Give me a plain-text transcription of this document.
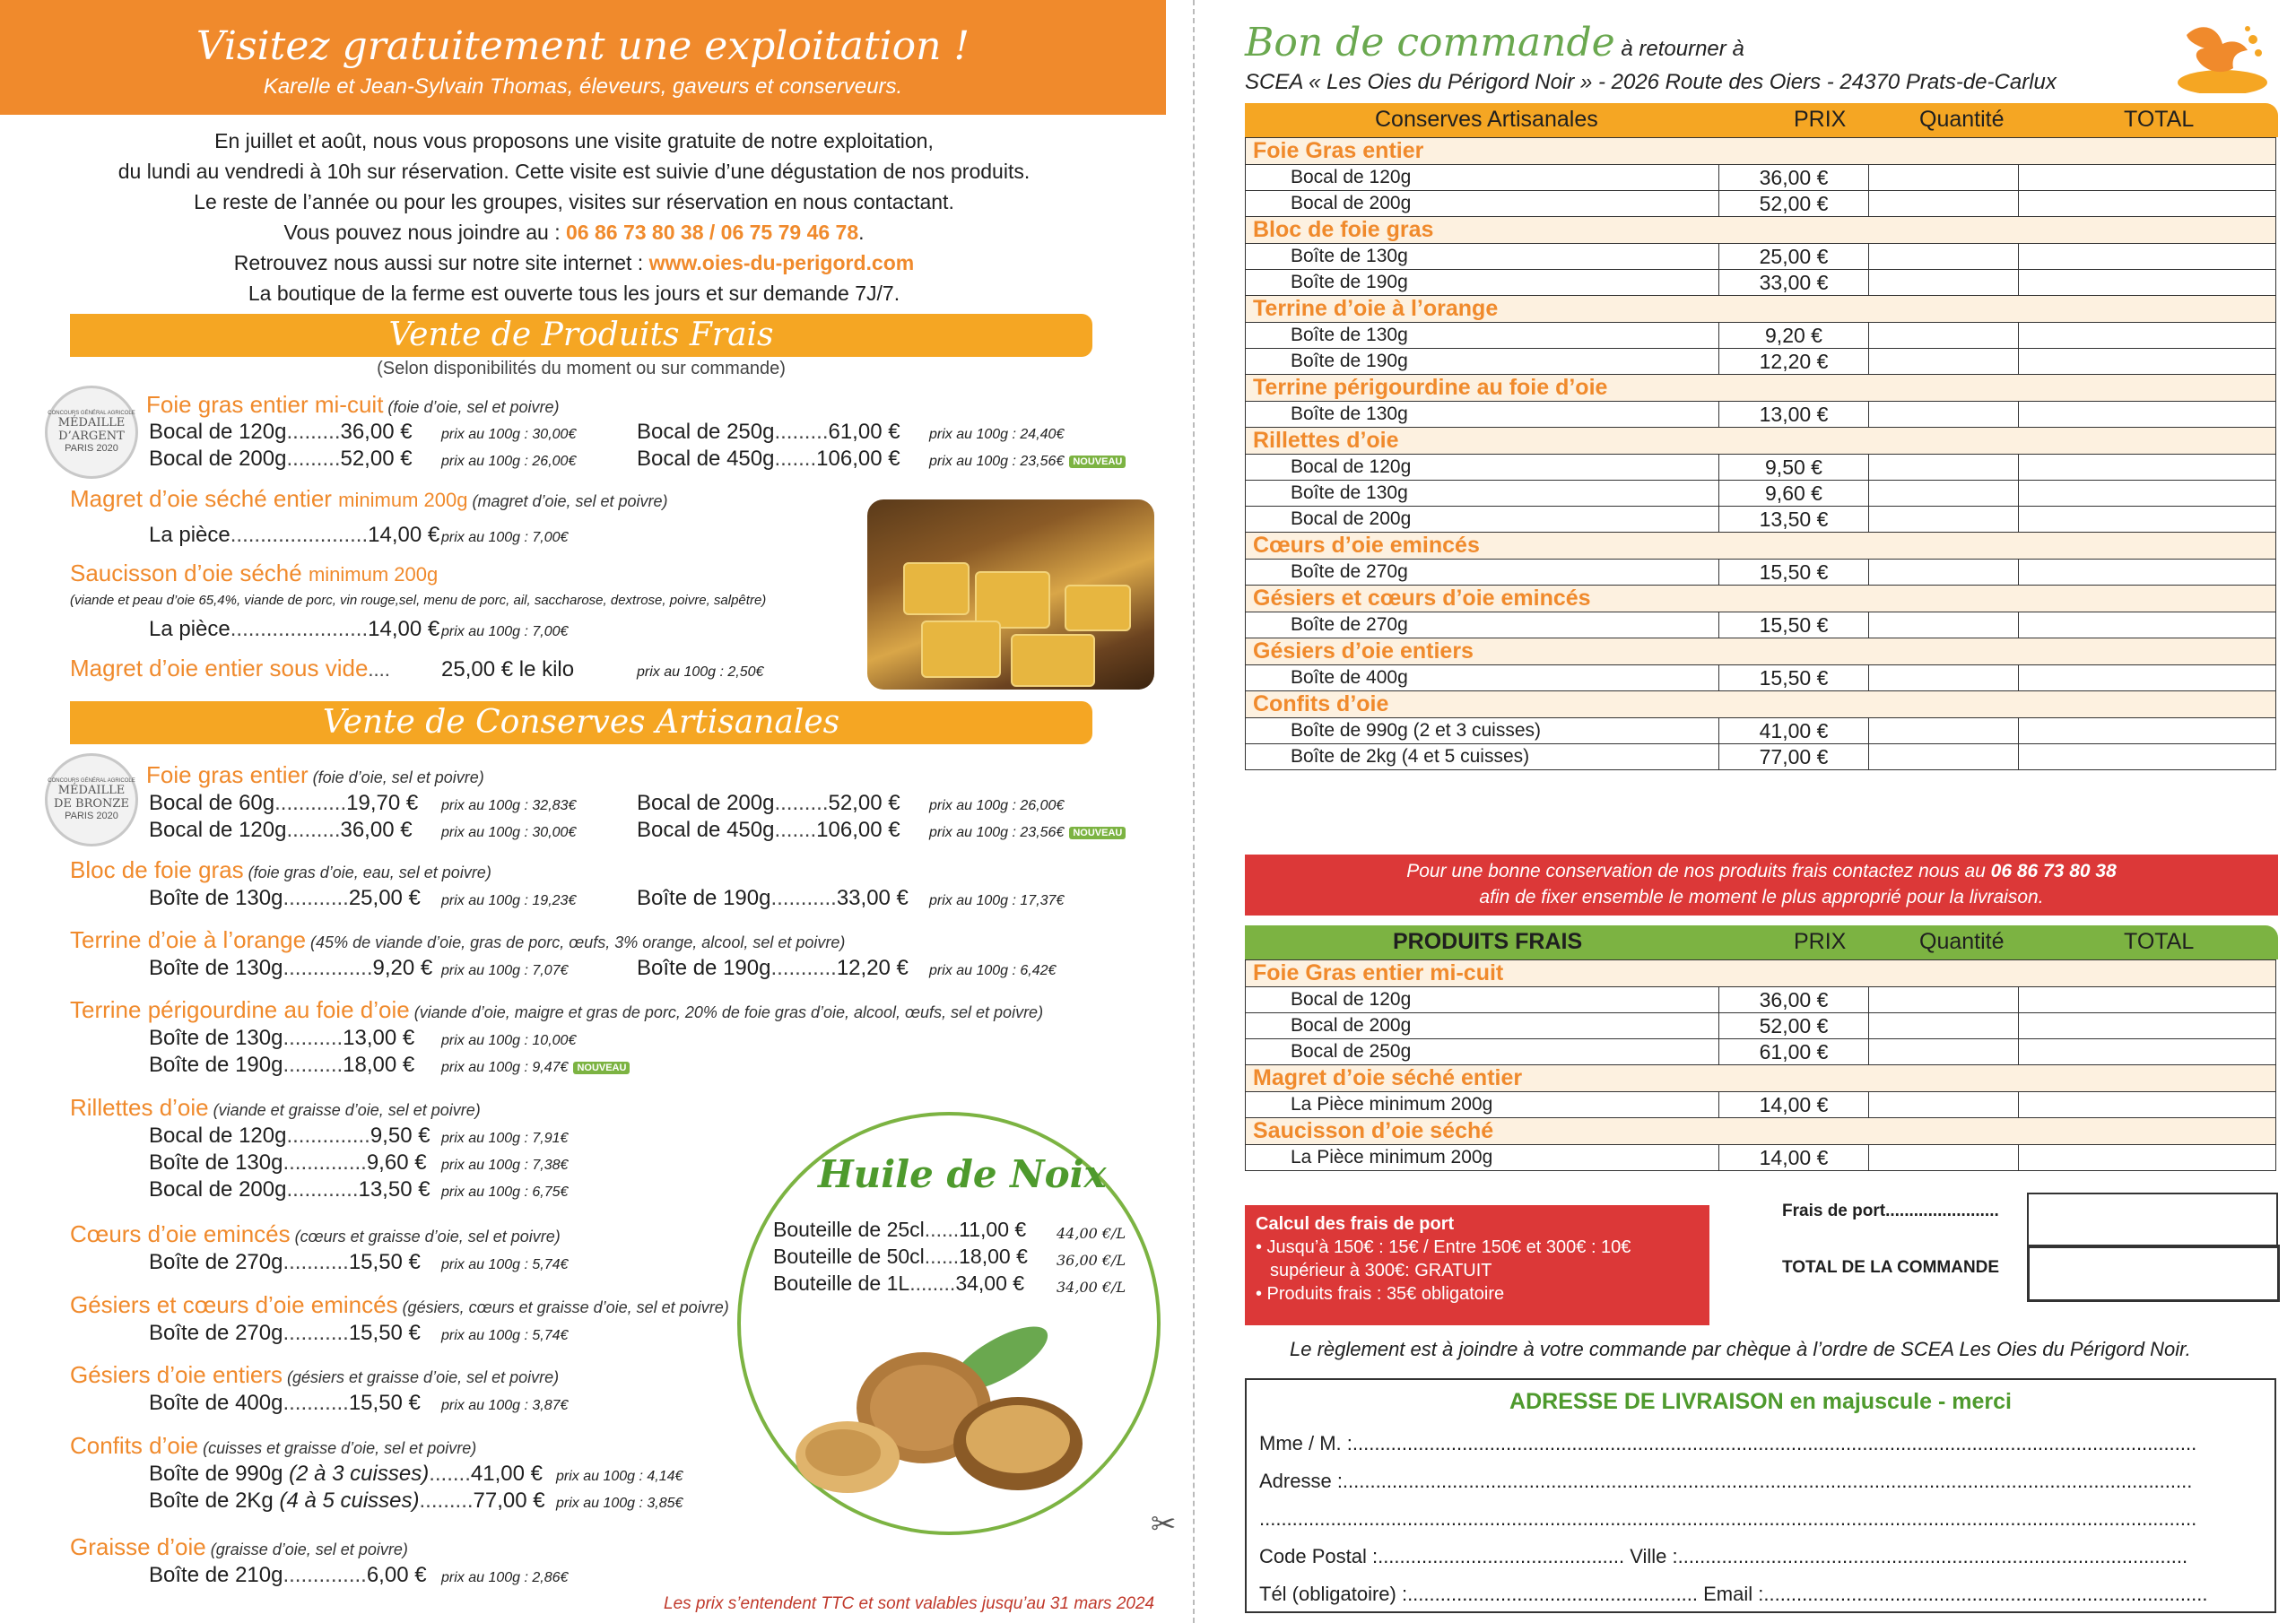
Visitez gratuitement une exploitation !
Karelle et Jean-Sylvain Thomas, éleveurs, gaveurs et conserveurs.
En juillet et août, nous vous proposons une visite gratuite de notre exploitation,
du lundi au vendredi à 10h sur réservation. Cette visite est suivie d’une dégustation de nos produits.
Le reste de l’année ou pour les groupes, visites sur réservation en nous contactant.
Vous pouvez nous joindre au : 06 86 73 80 38 / 06 75 79 46 78.
Retrouvez nous aussi sur notre site internet : www.oies-du-perigord.com
La boutique de la ferme est ouverte tous les jours et sur demande 7J/7.
Vente de Produits Frais
(Selon disponibilités du moment ou sur commande)
CONCOURS GÉNÉRAL AGRICOLE
MÉDAILLE
D’ARGENT
PARIS 2020
Foie gras entier mi-cuit (foie d’oie, sel et poivre)
Bocal de 120g.........36,00 € prix au 100g : 30,00€
Bocal de 200g.........52,00 € prix au 100g : 26,00€
Bocal de 250g.........61,00 € prix au 100g : 24,40€
Bocal de 450g.......106,00 € prix au 100g : 23,56€ NOUVEAU
Magret d’oie séché entier minimum 200g (magret d’oie, sel et poivre)
La pièce.......................14,00 € prix au 100g : 7,00€
Saucisson d’oie séché minimum 200g
(viande et peau d’oie 65,4%, viande de porc, vin rouge,sel, menu de porc, ail, saccharose, dextrose, poivre, salpêtre)
La pièce.......................14,00 € prix au 100g : 7,00€
Magret d’oie entier sous vide.... 25,00 € le kilo	prix au 100g : 2,50€
Vente de Conserves Artisanales
CONCOURS GÉNÉRAL AGRICOLE
MÉDAILLE
DE BRONZE
PARIS 2020
Foie gras entier (foie d’oie, sel et poivre)
Bocal de 60g............19,70 € prix au 100g : 32,83€
Bocal de 120g.........36,00 € prix au 100g : 30,00€
Bocal de 200g.........52,00 € prix au 100g : 26,00€
Bocal de 450g.......106,00 € prix au 100g : 23,56€ NOUVEAU
Bloc de foie gras (foie gras d’oie, eau, sel et poivre)
Boîte de 130g...........25,00 € prix au 100g : 19,23€	Boîte de 190g...........33,00 € prix au 100g : 17,37€
Terrine d’oie à l’orange (45% de viande d’oie, gras de porc, œufs, 3% orange, alcool, sel et poivre)
Boîte de 130g...............9,20 € prix au 100g : 7,07€	Boîte de 190g...........12,20 € prix au 100g : 6,42€
Terrine périgourdine au foie d’oie (viande d’oie, maigre et gras de porc, 20% de foie gras d’oie, alcool, œufs, sel et poivre)
Boîte de 130g..........13,00 € prix au 100g : 10,00€
Boîte de 190g..........18,00 € prix au 100g : 9,47€ NOUVEAU
Rillettes d’oie (viande et graisse d’oie, sel et poivre)
Bocal de 120g..............9,50 € prix au 100g : 7,91€
Boîte de 130g..............9,60 € prix au 100g : 7,38€
Bocal de 200g............13,50 € prix au 100g : 6,75€
Cœurs d’oie emincés (cœurs et graisse d’oie, sel et poivre)
Boîte de 270g...........15,50 € prix au 100g : 5,74€
Gésiers et cœurs d’oie emincés (gésiers, cœurs et graisse d’oie, sel et poivre)
Boîte de 270g...........15,50 € prix au 100g : 5,74€
Gésiers d’oie entiers (gésiers et graisse d’oie, sel et poivre)
Boîte de 400g...........15,50 € prix au 100g : 3,87€
Confits d’oie (cuisses et graisse d’oie, sel et poivre)
Boîte de 990g (2 à 3 cuisses).......41,00 € prix au 100g : 4,14€
Boîte de 2Kg (4 à 5 cuisses).........77,00 € prix au 100g : 3,85€
Graisse d’oie (graisse d’oie, sel et poivre)
Boîte de 210g..............6,00 € prix au 100g : 2,86€
Huile de Noix
Bouteille de 25cl......11,00 € 44,00 €/L
Bouteille de 50cl......18,00 € 36,00 €/L
Bouteille de 1L........34,00 € 34,00 €/L
Les prix s’entendent TTC et sont valables jusqu’au 31 mars 2024
✂
Bon de commande à retourner à
SCEA « Les Oies du Périgord Noir » - 2026 Route des Oiers - 24370 Prats-de-Carlux
Conserves Artisanales	PRIX	Quantité	TOTAL
Foie Gras entier			
Bocal de 120g	36,00 €		
Bocal de 200g	52,00 €		
Bloc de foie gras			
Boîte de 130g	25,00 €		
Boîte de 190g	33,00 €		
Terrine d’oie à l’orange			
Boîte de 130g	9,20 €		
Boîte de 190g	12,20 €		
Terrine périgourdine au foie d’oie			
Boîte de 130g	13,00 €		
Rillettes d’oie			
Bocal de 120g	9,50 €		
Boîte de 130g	9,60 €		
Bocal de 200g	13,50 €		
Cœurs d’oie emincés			
Boîte de 270g	15,50 €		
Gésiers et cœurs d’oie emincés			
Boîte de 270g	15,50 €		
Gésiers d’oie entiers			
Boîte de 400g	15,50 €		
Confits d’oie			
Boîte de 990g (2 et 3 cuisses)	41,00 €		
Boîte de 2kg (4 et 5 cuisses)	77,00 €		
Pour une bonne conservation de nos produits frais contactez nous au 06 86 73 80 38
afin de fixer ensemble le moment le plus approprié pour la livraison.
PRODUITS FRAIS	PRIX	Quantité	TOTAL
Foie Gras entier mi-cuit			
Bocal de 120g	36,00 €		
Bocal de 200g	52,00 €		
Bocal de 250g	61,00 €		
Magret d’oie séché entier			
La Pièce minimum 200g	14,00 €		
Saucisson d’oie séché			
La Pièce minimum 200g	14,00 €		
Calcul des frais de port
• Jusqu’à 150€ : 15€ / Entre 150€ et 300€ : 10€
supérieur à 300€: GRATUIT
• Produits frais : 35€ obligatoire
Frais de port........................
TOTAL DE LA COMMANDE
Le règlement est à joindre à votre commande par chèque à l’ordre de SCEA Les Oies du Périgord Noir.
ADRESSE DE LIVRAISON en majuscule - merci
Mme / M. :..........................................................................................................................................................
Adresse :...........................................................................................................................................................
...........................................................................................................................................................................
Code Postal :............................................. Ville :.............................................................................................
Tél (obligatoire) :..................................................... Email :.................................................................................
